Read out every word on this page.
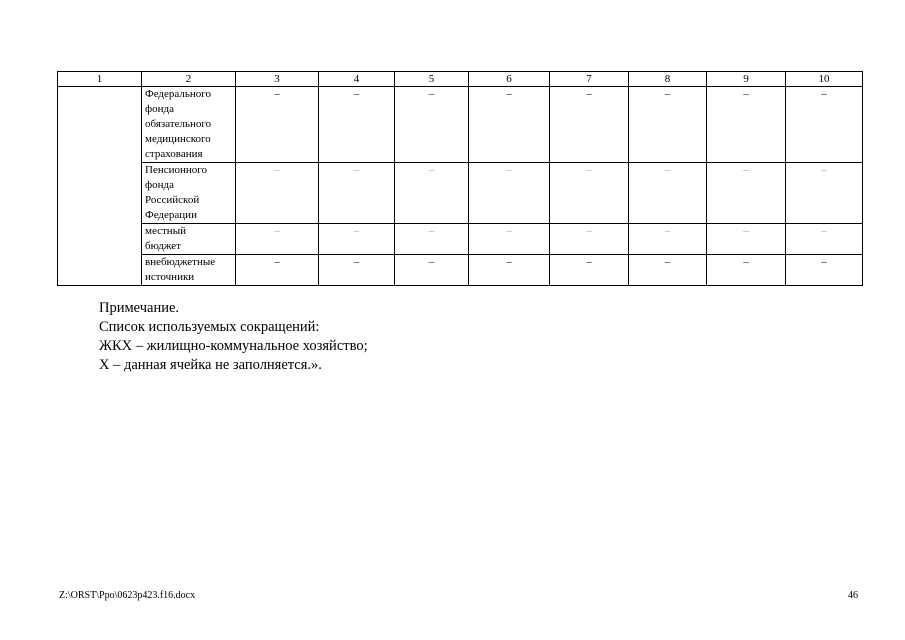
1	2	3	4	5	6	7	8	9	10

	Федерального
фонда
обязательного
медицинского
страхования	–	–	–	–	–	–	–	–

	Пенсионного
фонда
Российской
Федерации	–	–	–	–	–	–	–	–

	местный
бюджет	–	–	–	–	–	–	–	–

	внебюджетные
источники	–	–	–	–	–	–	–	–
Примечание.
Список используемых сокращений:
ЖКХ – жилищно-коммунальное хозяйство;
Х – данная ячейка не заполняется.».
Z:\ORST\Ppo\0623p423.f16.docx	46
